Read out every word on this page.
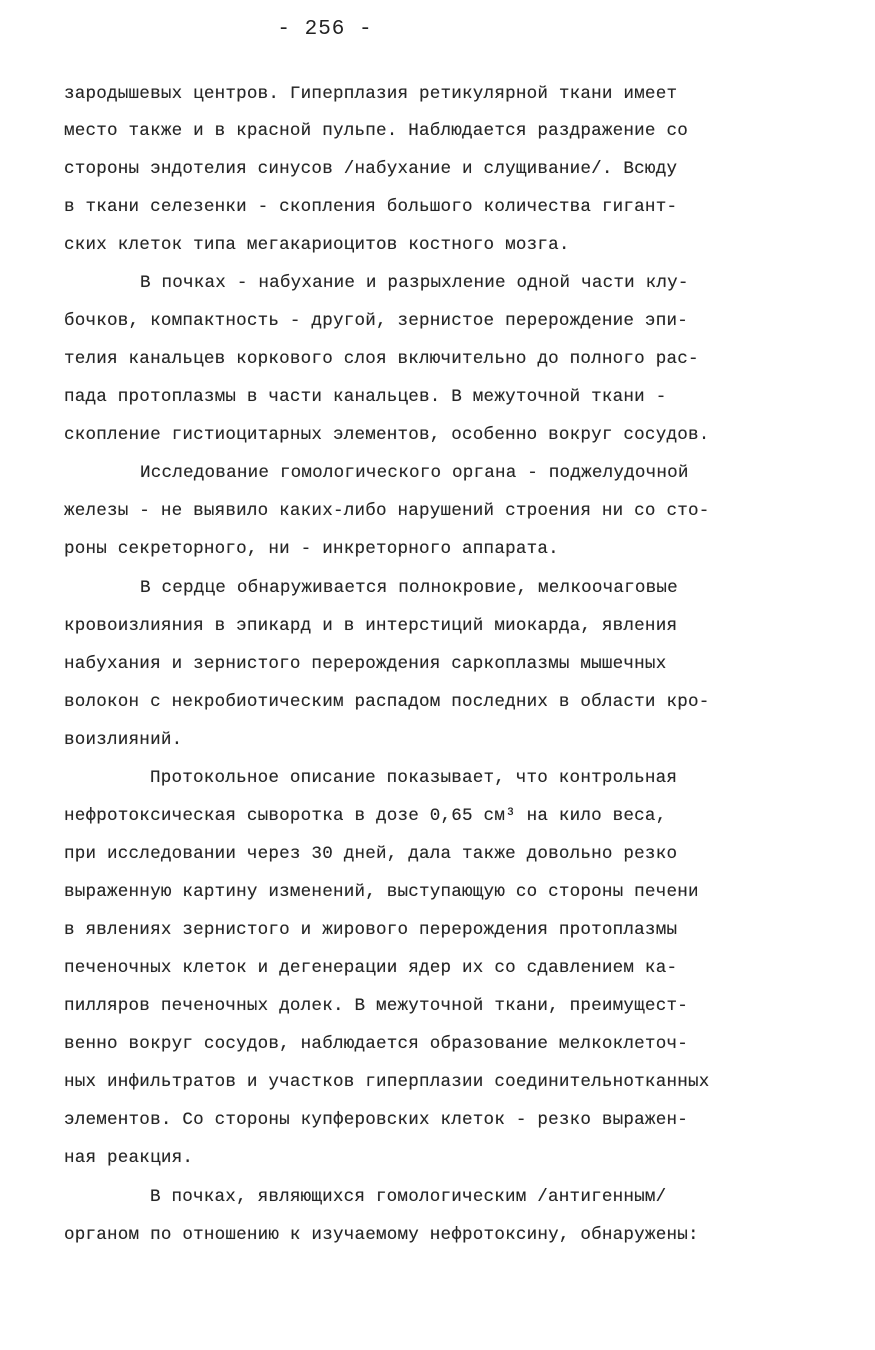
- 256 -
зародышевых центров. Гиперплазия ретикулярной ткани имеет
место также и в красной пульпе. Наблюдается раздражение со
стороны эндотелия синусов /набухание и слущивание/. Всюду
в ткани селезенки - скопления большого количества гигант-
ских клеток типа мегакариоцитов костного мозга.
В почках - набухание и разрыхление одной части клу-
бочков, компактность - другой, зернистое перерождение эпи-
телия канальцев коркового слоя включительно до полного рас-
пада протоплазмы в части канальцев. В межуточной ткани -
скопление гистиоцитарных элементов, особенно вокруг сосудов.
Исследование гомологического органа - поджелудочной
железы - не выявило каких-либо нарушений строения ни со сто-
роны секреторного, ни - инкреторного аппарата.
В сердце обнаруживается полнокровие, мелкоочаговые
кровоизлияния в эпикард и в интерстиций миокарда, явления
набухания и зернистого перерождения саркоплазмы мышечных
волокон с некробиотическим распадом последних в области кро-
воизлияний.
Протокольное описание показывает, что контрольная
нефротоксическая сыворотка в дозе 0,65 см³ на кило веса,
при исследовании через 30 дней, дала также довольно резко
выраженную картину изменений, выступающую со стороны печени
в явлениях зернистого и жирового перерождения протоплазмы
печеночных клеток и дегенерации ядер их со сдавлением ка-
пилляров печеночных долек. В межуточной ткани, преимущест-
венно вокруг сосудов, наблюдается образование мелкоклеточ-
ных инфильтратов и участков гиперплазии соединительнотканных
элементов. Со стороны купферовских клеток - резко выражен-
ная реакция.
В почках, являющихся гомологическим /антигенным/
органом по отношению к изучаемому нефротоксину, обнаружены:
